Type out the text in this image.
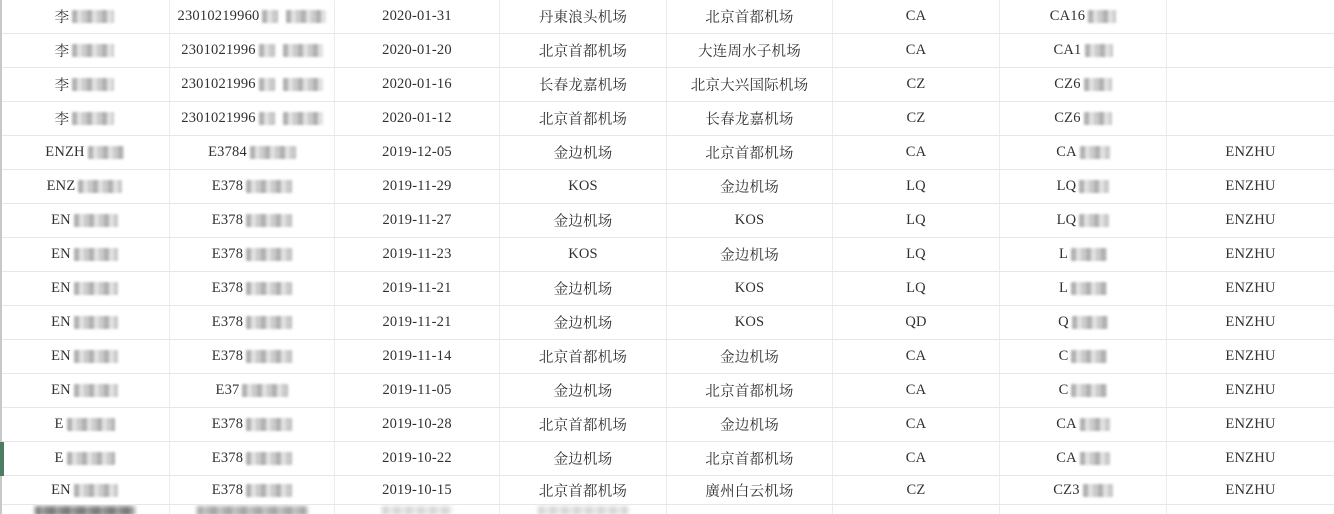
李	23010219960	2020-01-31	丹東浪头机场	北京首都机场	CA	CA16
李	2301021996	2020-01-20	北京首都机场	大连周水子机场	CA	CA1
李	2301021996	2020-01-16	长春龙嘉机场	北京大兴国际机场	CZ	CZ6
李	2301021996	2020-01-12	北京首都机场	长春龙嘉机场	CZ	CZ6
ENZH	E3784	2019-12-05	金边机场	北京首都机场	CA	CA	ENZHU
ENZ	E378	2019-11-29	KOS	金边机场	LQ	LQ	ENZHU
EN	E378	2019-11-27	金边机场	KOS	LQ	LQ	ENZHU
EN	E378	2019-11-23	KOS	金边机场	LQ	L	ENZHU
EN	E378	2019-11-21	金边机场	KOS	LQ	L	ENZHU
EN	E378	2019-11-21	金边机场	KOS	QD	Q	ENZHU
EN	E378	2019-11-14	北京首都机场	金边机场	CA	C	ENZHU
EN	E37	2019-11-05	金边机场	北京首都机场	CA	C	ENZHU
E	E378	2019-10-28	北京首都机场	金边机场	CA	CA	ENZHU
E	E378	2019-10-22	金边机场	北京首都机场	CA	CA	ENZHU
EN	E378	2019-10-15	北京首都机场	廣州白云机场	CZ	CZ3	ENZHU
